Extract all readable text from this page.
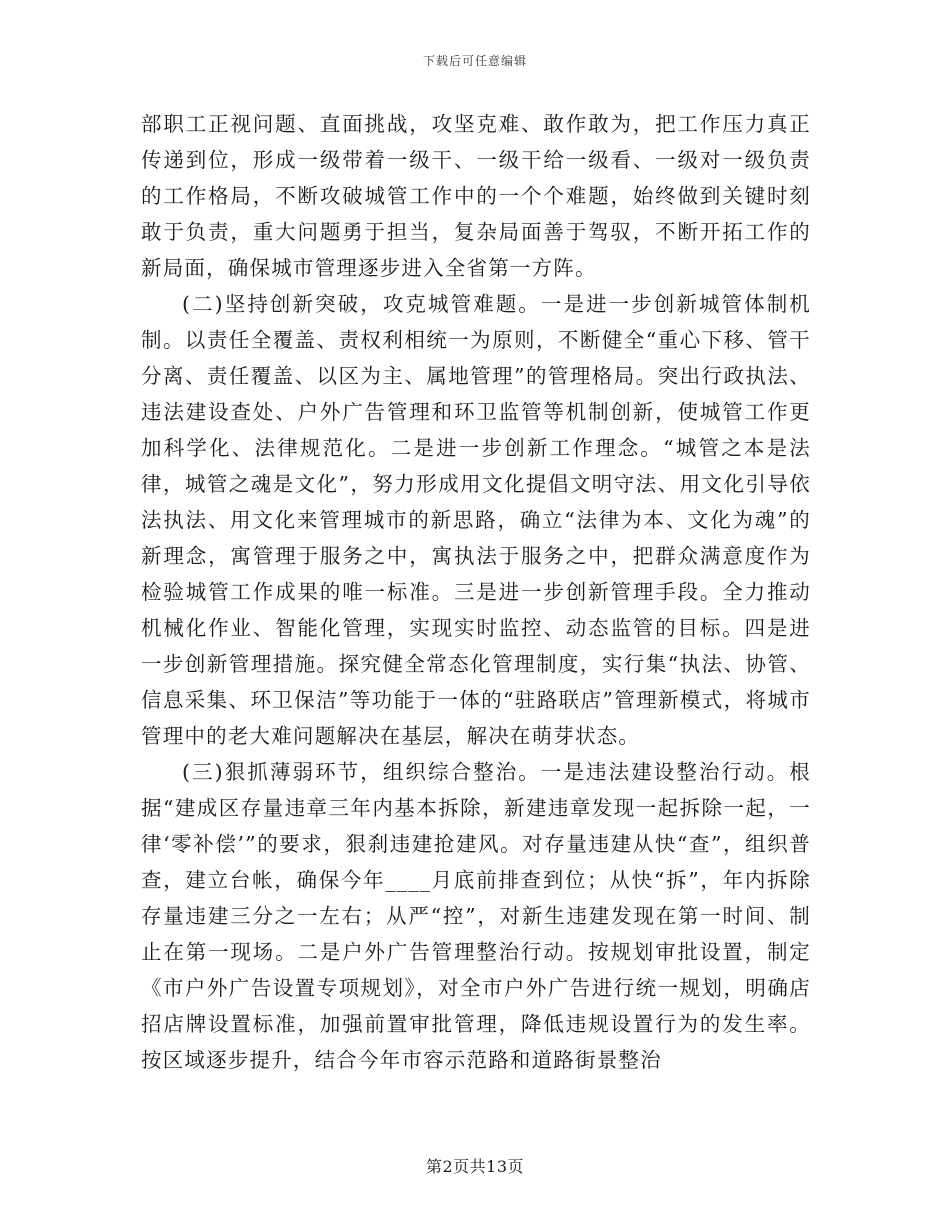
下载后可任意编辑

部职工正视问题、直面挑战，攻坚克难、敢作敢为，把工作压力真正传递到位，形成一级带着一级干、一级干给一级看、一级对一级负责的工作格局，不断攻破城管工作中的一个个难题，始终做到关键时刻敢于负责，重大问题勇于担当，复杂局面善于驾驭，不断开拓工作的新局面，确保城市管理逐步进入全省第一方阵。

(二)坚持创新突破，攻克城管难题。一是进一步创新城管体制机制。以责任全覆盖、责权利相统一为原则，不断健全“重心下移、管干分离、责任覆盖、以区为主、属地管理”的管理格局。突出行政执法、违法建设查处、户外广告管理和环卫监管等机制创新，使城管工作更加科学化、法律规范化。二是进一步创新工作理念。“城管之本是法律，城管之魂是文化”，努力形成用文化提倡文明守法、用文化引导依法执法、用文化来管理城市的新思路，确立“法律为本、文化为魂”的新理念，寓管理于服务之中，寓执法于服务之中，把群众满意度作为检验城管工作成果的唯一标准。三是进一步创新管理手段。全力推动机械化作业、智能化管理，实现实时监控、动态监管的目标。四是进一步创新管理措施。探究健全常态化管理制度，实行集“执法、协管、信息采集、环卫保洁”等功能于一体的“驻路联店”管理新模式，将城市管理中的老大难问题解决在基层，解决在萌芽状态。

(三)狠抓薄弱环节，组织综合整治。一是违法建设整治行动。根据“建成区存量违章三年内基本拆除，新建违章发现一起拆除一起，一律‘零补偿’”的要求，狠刹违建抢建风。对存量违建从快“查”，组织普查，建立台帐，确保今年____月底前排查到位；从快“拆”，年内拆除存量违建三分之一左右；从严“控”，对新生违建发现在第一时间、制止在第一现场。二是户外广告管理整治行动。按规划审批设置，制定《市户外广告设置专项规划》，对全市户外广告进行统一规划，明确店招店牌设置标准，加强前置审批管理，降低违规设置行为的发生率。按区域逐步提升，结合今年市容示范路和道路街景整治

第2页共13页
